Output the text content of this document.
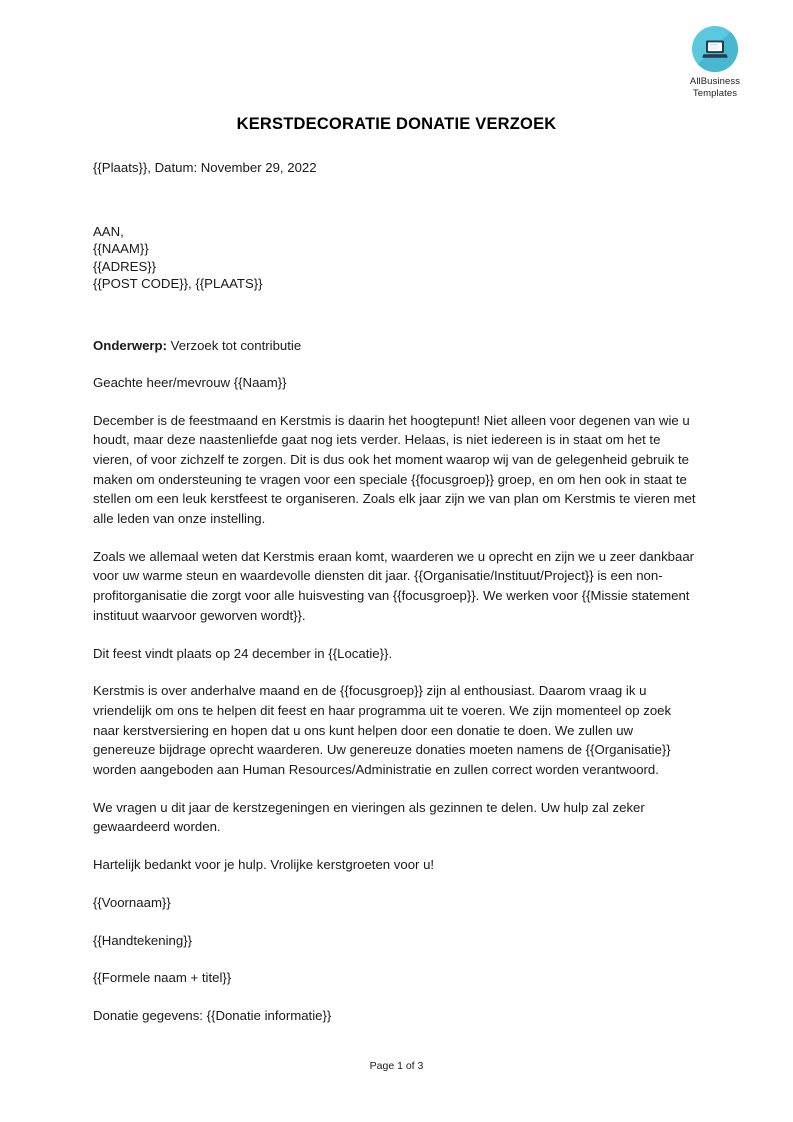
AllBusiness
Templates
KERSTDECORATIE DONATIE VERZOEK
{{Plaats}}, Datum: November 29, 2022
AAN,
{{NAAM}}
{{ADRES}}
{{POST CODE}}, {{PLAATS}}
Onderwerp: Verzoek tot contributie
Geachte heer/mevrouw {{Naam}}

December is de feestmaand en Kerstmis is daarin het hoogtepunt! Niet alleen voor degenen van wie u houdt, maar deze naastenliefde gaat nog iets verder. Helaas, is niet iedereen is in staat om het te vieren, of voor zichzelf te zorgen. Dit is dus ook het moment waarop wij van de gelegenheid gebruik te maken om ondersteuning te vragen voor een speciale {{focusgroep}} groep, en om hen ook in staat te stellen om een leuk kerstfeest te organiseren. Zoals elk jaar zijn we van plan om Kerstmis te vieren met alle leden van onze instelling.

Zoals we allemaal weten dat Kerstmis eraan komt, waarderen we u oprecht en zijn we u zeer dankbaar voor uw warme steun en waardevolle diensten dit jaar. {{Organisatie/Instituut/Project}} is een non-profitorganisatie die zorgt voor alle huisvesting van {{focusgroep}}. We werken voor {{Missie statement instituut waarvoor geworven wordt}}.

Dit feest vindt plaats op 24 december in {{Locatie}}.

Kerstmis is over anderhalve maand en de {{focusgroep}} zijn al enthousiast. Daarom vraag ik u vriendelijk om ons te helpen dit feest en haar programma uit te voeren. We zijn momenteel op zoek naar kerstversiering en hopen dat u ons kunt helpen door een donatie te doen. We zullen uw genereuze bijdrage oprecht waarderen. Uw genereuze donaties moeten namens de {{Organisatie}} worden aangeboden aan Human Resources/Administratie en zullen correct worden verantwoord.

We vragen u dit jaar de kerstzegeningen en vieringen als gezinnen te delen. Uw hulp zal zeker gewaardeerd worden.

Hartelijk bedankt voor je hulp. Vrolijke kerstgroeten voor u!

{{Voornaam}}

{{Handtekening}}

{{Formele naam + titel}}

Donatie gegevens: {{Donatie informatie}}

Page 1 of 3
